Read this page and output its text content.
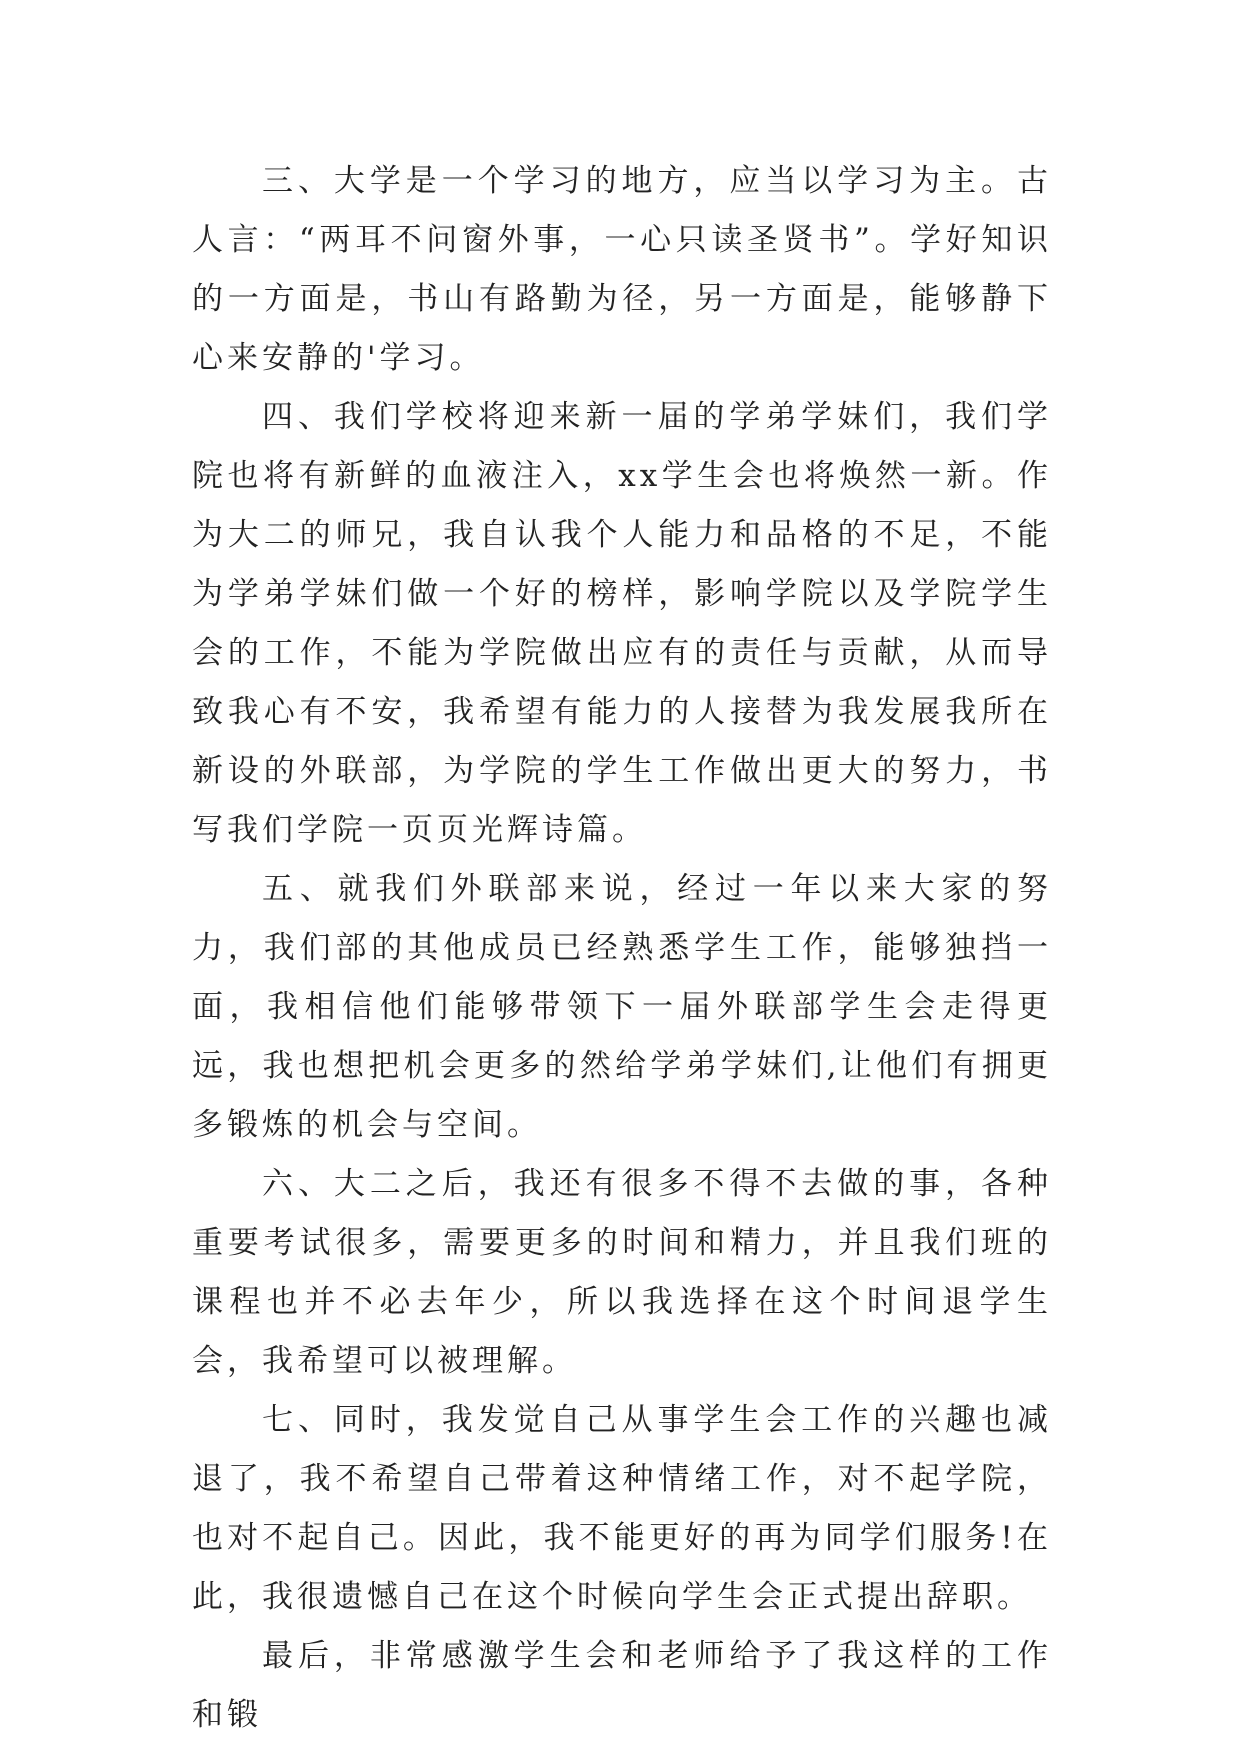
三、大学是一个学习的地方，应当以学习为主。古人言：“两耳不问窗外事，一心只读圣贤书”。学好知识的一方面是，书山有路勤为径，另一方面是，能够静下心来安静的'学习。

四、我们学校将迎来新一届的学弟学妹们，我们学院也将有新鲜的血液注入，xx学生会也将焕然一新。作为大二的师兄，我自认我个人能力和品格的不足，不能为学弟学妹们做一个好的榜样，影响学院以及学院学生会的工作，不能为学院做出应有的责任与贡献，从而导致我心有不安，我希望有能力的人接替为我发展我所在新设的外联部，为学院的学生工作做出更大的努力，书写我们学院一页页光辉诗篇。

五、就我们外联部来说，经过一年以来大家的努力，我们部的其他成员已经熟悉学生工作，能够独挡一面，我相信他们能够带领下一届外联部学生会走得更远，我也想把机会更多的然给学弟学妹们,让他们有拥更多锻炼的机会与空间。

六、大二之后，我还有很多不得不去做的事，各种重要考试很多，需要更多的时间和精力，并且我们班的课程也并不必去年少，所以我选择在这个时间退学生会，我希望可以被理解。

七、同时，我发觉自己从事学生会工作的兴趣也减退了，我不希望自己带着这种情绪工作，对不起学院，也对不起自己。因此，我不能更好的再为同学们服务!在此，我很遗憾自己在这个时候向学生会正式提出辞职。

最后，非常感激学生会和老师给予了我这样的工作和锻
